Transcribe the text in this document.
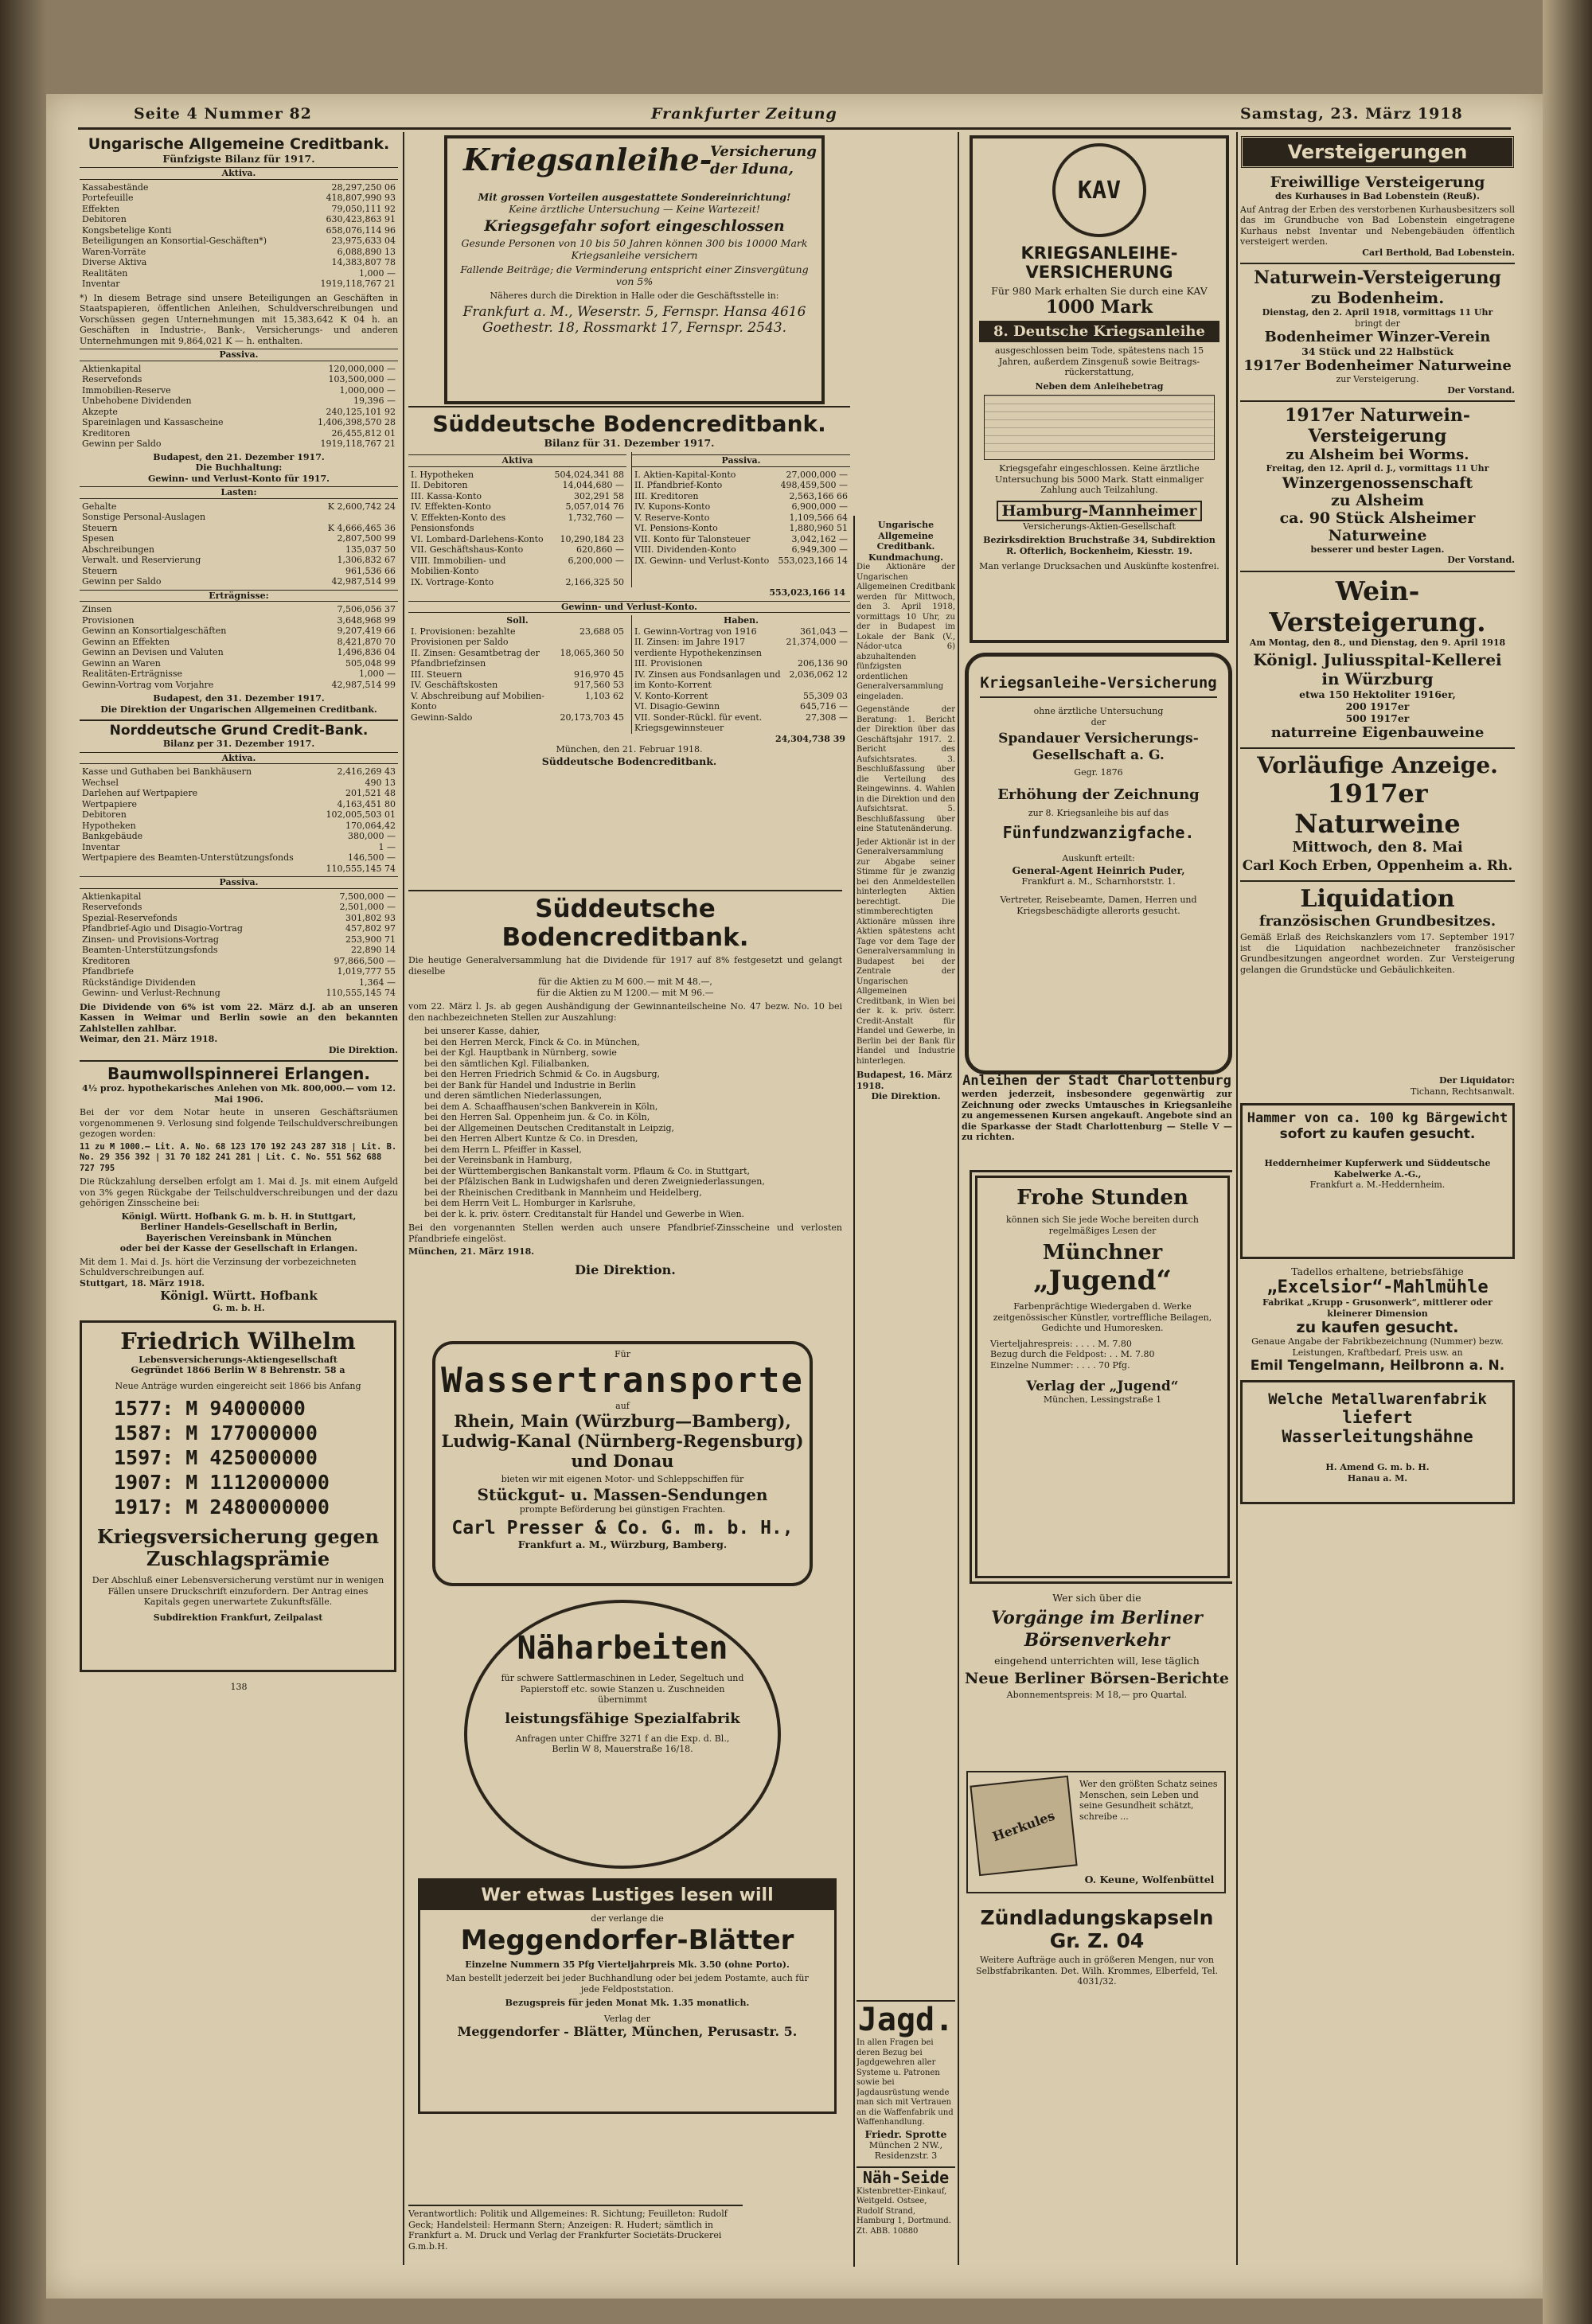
Seite 4 Nummer 82	Frankfurter Zeitung	Samstag, 23. März 1918
Ungarische Allgemeine Creditbank.
Fünfzigste Bilanz für 1917.
Aktiva.
Kassabestände	28,297,250 06
Portefeuille	418,807,990 93
Effekten	79,050,111 92
Debitoren	630,423,863 91
Kongsbetelige Konti	658,076,114 96
Beteiligungen an Konsortial-Geschäften*)	23,975,633 04
Waren-Vorräte	6,088,890 13
Diverse Aktiva	14,383,807 78
Realitäten	1,000 —
Inventar	1919,118,767 21
*) In diesem Betrage sind unsere Beteiligungen an Geschäften in Staatspapieren, öffentlichen Anleihen, Schuldverschreibungen und Vorschüssen gegen Unternehmungen mit 15,383,642 K 04 h. an Geschäften in Industrie-, Bank-, Versicherungs- und anderen Unternehmungen mit 9,864,021 K — h. enthalten.
Passiva.
Aktienkapital	120,000,000 —
Reservefonds	103,500,000 —
Immobilien-Reserve	1,000,000 —
Unbehobene Dividenden	19,396 —
Akzepte	240,125,101 92
Spareinlagen und Kassascheine	1,406,398,570 28
Kreditoren	26,455,812 01
Gewinn per Saldo	1919,118,767 21
Budapest, den 21. Dezember 1917.
Die Buchhaltung:
Gewinn- und Verlust-Konto für 1917.
Lasten:
Gehalte	K 2,600,742 24
Sonstige Personal-Auslagen	
Steuern	K 4,666,465 36
Spesen	2,807,500 99
Abschreibungen	135,037 50
Verwalt. und Reservierung	1,306,832 67
Steuern	961,536 66
Gewinn per Saldo	42,987,514 99
Erträgnisse:
Zinsen	7,506,056 37
Provisionen	3,648,968 99
Gewinn an Konsortialgeschäften	9,207,419 66
Gewinn an Effekten	8,421,870 70
Gewinn an Devisen und Valuten	1,496,836 04
Gewinn an Waren	505,048 99
Realitäten-Erträgnisse	1,000 —
Gewinn-Vortrag vom Vorjahre	42,987,514 99
Budapest, den 31. Dezember 1917.
Die Direktion der Ungarischen Allgemeinen Creditbank.
Norddeutsche Grund Credit-Bank.
Bilanz per 31. Dezember 1917.
Aktiva.
Kasse und Guthaben bei Bankhäusern	2,416,269 43
Wechsel	490 13
Darlehen auf Wertpapiere	201,521 48
Wertpapiere	4,163,451 80
Debitoren	102,005,503 01
Hypotheken	170,064,42
Bankgebäude	380,000 —
Inventar	1 —
Wertpapiere des Beamten-Unterstützungsfonds	146,500 —
	110,555,145 74
Passiva.
Aktienkapital	7,500,000 —
Reservefonds	2,501,000 —
Spezial-Reservefonds	301,802 93
Pfandbrief-Agio und Disagio-Vortrag	457,802 97
Zinsen- und Provisions-Vortrag	253,900 71
Beamten-Unterstützungsfonds	22,890 14
Kreditoren	97,866,500 —
Pfandbriefe	1,019,777 55
Rückständige Dividenden	1,364 —
Gewinn- und Verlust-Rechnung	110,555,145 74
Die Dividende von 6% ist vom 22. März d.J. ab an unseren Kassen in Weimar und Berlin sowie an den bekannten Zahlstellen zahlbar.
Weimar, den 21. März 1918.
Die Direktion.
Baumwollspinnerei Erlangen.
4½ proz. hypothekarisches Anlehen von Mk. 800,000.— vom 12. Mai 1906.
Bei der vor dem Notar heute in unseren Geschäftsräumen vorgenommenen 9. Verlosung sind folgende Teilschuldverschreibungen gezogen worden:
11 zu M 1000.— Lit. A. No. 68 123 170 192 243 287 318 | Lit. B. No. 29 356 392 | 31 70 182 241 281 | Lit. C. No. 551 562 688 727 795
Die Rückzahlung derselben erfolgt am 1. Mai d. Js. mit einem Aufgeld von 3% gegen Rückgabe der Teilschuldverschreibungen und der dazu gehörigen Zinsscheine bei:
Königl. Württ. Hofbank G. m. b. H. in Stuttgart,
Berliner Handels-Gesellschaft in Berlin,
Bayerischen Vereinsbank in München
oder bei der Kasse der Gesellschaft in Erlangen.
Mit dem 1. Mai d. Js. hört die Verzinsung der vorbezeichneten Schuldverschreibungen auf.
Stuttgart, 18. März 1918.
Königl. Württ. Hofbank
G. m. b. H.
Friedrich Wilhelm
Lebensversicherungs-Aktiengesellschaft
Gegründet 1866 Berlin W 8 Behrenstr. 58 a
Neue Anträge wurden eingereicht seit 1866 bis Anfang
1577: M 94000000
1587: M 177000000
1597: M 425000000
1907: M 1112000000
1917: M 2480000000
Kriegsversicherung gegen Zuschlagsprämie
Der Abschluß einer Lebensversicherung verstümt nur in wenigen Fällen unsere Druckschrift einzufordern. Der Antrag eines Kapitals gegen unerwartete Zukunftsfälle.
Subdirektion Frankfurt, Zeilpalast
138
Kriegsanleihe-
Versicherung der Iduna,
Mit grossen Vorteilen ausgestattete Sondereinrichtung!
Keine ärztliche Untersuchung — Keine Wartezeit!
Kriegsgefahr sofort eingeschlossen
Gesunde Personen von 10 bis 50 Jahren können 300 bis 10000 Mark Kriegsanleihe versichern
Fallende Beiträge; die Verminderung entspricht einer Zinsvergütung von 5%
Näheres durch die Direktion in Halle oder die Geschäftsstelle in:
Frankfurt a. M., Weserstr. 5, Fernspr. Hansa 4616
Goethestr. 18, Rossmarkt 17, Fernspr. 2543.
Süddeutsche Bodencreditbank.
Bilanz für 31. Dezember 1917.
Aktiva
I. Hypotheken	504,024,341 88
II. Debitoren	14,044,680 —
III. Kassa-Konto	302,291 58
IV. Effekten-Konto	5,057,014 76
V. Effekten-Konto des Pensionsfonds	1,732,760 —
VI. Lombard-Darlehens-Konto	10,290,184 23
VII. Geschäftshaus-Konto	620,860 —
VIII. Immobilien- und Mobilien-Konto	6,200,000 —
IX. Vortrage-Konto	2,166,325 50
Passiva.
I. Aktien-Kapital-Konto	27,000,000 —
II. Pfandbrief-Konto	498,459,500 —
III. Kreditoren	2,563,166 66
IV. Kupons-Konto	6,900,000 —
V. Reserve-Konto	1,109,566 64
VI. Pensions-Konto	1,880,960 51
VII. Konto für Talonsteuer	3,042,162 —
VIII. Dividenden-Konto	6,949,300 —
IX. Gewinn- und Verlust-Konto	553,023,166 14
553,023,166 14
Gewinn- und Verlust-Konto.
Soll.
I. Provisionen: bezahlte Provisionen per Saldo	23,688 05
II. Zinsen: Gesamtbetrag der Pfandbriefzinsen	18,065,360 50
III. Steuern	916,970 45
IV. Geschäftskosten	917,560 53
V. Abschreibung auf Mobilien-Konto	1,103 62
Gewinn-Saldo	20,173,703 45
Haben.
I. Gewinn-Vortrag von 1916	361,043 —
II. Zinsen: im Jahre 1917 verdiente Hypothekenzinsen	21,374,000 —
III. Provisionen	206,136 90
IV. Zinsen aus Fondsanlagen und im Konto-Korrent	2,036,062 12
V. Konto-Korrent	55,309 03
VI. Disagio-Gewinn	645,716 —
VII. Sonder-Rückl. für event. Kriegsgewinnsteuer	27,308 —
24,304,738 39
München, den 21. Februar 1918.
Süddeutsche Bodencreditbank.
Süddeutsche Bodencreditbank.
Die heutige Generalversammlung hat die Dividende für 1917 auf 8% festgesetzt und gelangt dieselbe
für die Aktien zu M 600.— mit M 48.—,
für die Aktien zu M 1200.— mit M 96.—
vom 22. März l. Js. ab gegen Aushändigung der Gewinnanteilscheine No. 47 bezw. No. 10 bei den nachbezeichneten Stellen zur Auszahlung:
bei unserer Kasse, dahier,
bei den Herren Merck, Finck & Co. in München,
bei der Kgl. Hauptbank in Nürnberg, sowie
bei den sämtlichen Kgl. Filialbanken,
bei den Herren Friedrich Schmid & Co. in Augsburg,
bei der Bank für Handel und Industrie in Berlin
und deren sämtlichen Niederlassungen,
bei dem A. Schaaffhausen'schen Bankverein in Köln,
bei den Herren Sal. Oppenheim jun. & Co. in Köln,
bei der Allgemeinen Deutschen Creditanstalt in Leipzig,
bei den Herren Albert Kuntze & Co. in Dresden,
bei dem Herrn L. Pfeiffer in Kassel,
bei der Vereinsbank in Hamburg,
bei der Württembergischen Bankanstalt vorm. Pflaum & Co. in Stuttgart,
bei der Pfälzischen Bank in Ludwigshafen und deren Zweigniederlassungen,
bei der Rheinischen Creditbank in Mannheim und Heidelberg,
bei dem Herrn Veit L. Homburger in Karlsruhe,
bei der k. k. priv. österr. Creditanstalt für Handel und Gewerbe in Wien.
Bei den vorgenannten Stellen werden auch unsere Pfandbrief-Zinsscheine und verlosten Pfandbriefe eingelöst.
München, 21. März 1918.
Die Direktion.
Für
Wassertransporte
auf
Rhein, Main (Würzburg—Bamberg),
Ludwig-Kanal (Nürnberg-Regensburg)
und Donau
bieten wir mit eigenen Motor- und Schleppschiffen für
Stückgut- u. Massen-Sendungen
prompte Beförderung bei günstigen Frachten.
Carl Presser & Co. G. m. b. H.,
Frankfurt a. M., Würzburg, Bamberg.
Näharbeiten
für schwere Sattlermaschinen in Leder, Segeltuch und Papierstoff etc. sowie Stanzen u. Zuschneiden übernimmt
leistungsfähige Spezialfabrik
Anfragen unter Chiffre 3271 f an die Exp. d. Bl., Berlin W 8, Mauerstraße 16/18.
Wer etwas Lustiges lesen will
der verlange die
Meggendorfer-Blätter
Einzelne Nummern 35 Pfg Vierteljahrpreis Mk. 3.50 (ohne Porto).
Man bestellt jederzeit bei jeder Buchhandlung oder bei jedem Postamte, auch für jede Feldpoststation.
Bezugspreis für jeden Monat Mk. 1.35 monatlich.
Verlag der
Meggendorfer - Blätter, München, Perusastr. 5.
Verantwortlich: Politik und Allgemeines: R. Sichtung; Feuilleton: Rudolf Geck; Handelsteil: Hermann Stern; Anzeigen: R. Hudert; sämtlich in Frankfurt a. M. Druck und Verlag der Frankfurter Societäts-Druckerei G.m.b.H.
Ungarische Allgemeine Creditbank.
Kundmachung.
Die Aktionäre der Ungarischen Allgemeinen Creditbank werden für Mittwoch, den 3. April 1918, vormittags 10 Uhr, zu der in Budapest im Lokale der Bank (V., Nádor-utca 6) abzuhaltenden fünfzigsten ordentlichen Generalversammlung eingeladen.
Gegenstände der Beratung: 1. Bericht der Direktion über das Geschäftsjahr 1917. 2. Bericht des Aufsichtsrates. 3. Beschlußfassung über die Verteilung des Reingewinns. 4. Wahlen in die Direktion und den Aufsichtsrat. 5. Beschlußfassung über eine Statutenänderung.
Jeder Aktionär ist in der Generalversammlung zur Abgabe seiner Stimme für je zwanzig bei den Anmeldestellen hinterlegten Aktien berechtigt. Die stimmberechtigten Aktionäre müssen ihre Aktien spätestens acht Tage vor dem Tage der Generalversammlung in Budapest bei der Zentrale der Ungarischen Allgemeinen Creditbank, in Wien bei der k. k. priv. österr. Credit-Anstalt für Handel und Gewerbe, in Berlin bei der Bank für Handel und Industrie hinterlegen.
Budapest, 16. März 1918.
Die Direktion.
Jagd.
In allen Fragen bei deren Bezug bei Jagdgewehren aller Systeme u. Patronen sowie bei Jagdausrüstung wende man sich mit Vertrauen an die Waffenfabrik und Waffenhandlung.
Friedr. Sprotte
München 2 NW., Residenzstr. 3
Näh-Seide
Kistenbretter-Einkauf, Weitgeld. Ostsee, Rudolf Strand, Hamburg 1, Dortmund. Zt. ABB. 10880
KAV
KRIEGSANLEIHE-VERSICHERUNG
Für 980 Mark erhalten Sie durch eine KAV
1000 Mark
8. Deutsche Kriegsanleihe
ausgeschlossen beim Tode, spätestens nach 15 Jahren, außerdem Zinsgenuß sowie Beitrags-rückerstattung,
Neben dem Anleihebetrag
Kriegsgefahr eingeschlossen. Keine ärztliche Untersuchung bis 5000 Mark. Statt einmaliger Zahlung auch Teilzahlung.
Hamburg-Mannheimer
Versicherungs-Aktien-Gesellschaft
Bezirksdirektion Bruchstraße 34, Subdirektion R. Ofterlich, Bockenheim, Kiesstr. 19.
Man verlange Drucksachen und Auskünfte kostenfrei.
Kriegsanleihe-Versicherung
ohne ärztliche Untersuchung
der
Spandauer Versicherungs-Gesellschaft a. G.
Gegr. 1876
Erhöhung der Zeichnung
zur 8. Kriegsanleihe bis auf das
Fünfundzwanzigfache.
Auskunft erteilt:
General-Agent Heinrich Puder,
Frankfurt a. M., Scharnhorststr. 1.
Vertreter, Reisebeamte, Damen, Herren und Kriegsbeschädigte allerorts gesucht.
Anleihen der Stadt Charlottenburg
werden jederzeit, insbesondere gegenwärtig zur Zeichnung oder zwecks Umtausches in Kriegsanleihe zu angemessenen Kursen angekauft. Angebote sind an die Sparkasse der Stadt Charlottenburg — Stelle V — zu richten.
Frohe Stunden
können sich Sie jede Woche bereiten durch regelmäßiges Lesen der
Münchner
„Jugend“
Farbenprächtige Wiedergaben d. Werke zeitgenössischer Künstler, vortreffliche Beilagen, Gedichte und Humoresken.
Vierteljahrespreis: . . . . M. 7.80
Bezug durch die Feldpost: . . M. 7.80
Einzelne Nummer: . . . . 70 Pfg.
Verlag der „Jugend“
München, Lessingstraße 1
Wer sich über die
Vorgänge im Berliner Börsenverkehr
eingehend unterrichten will, lese täglich
Neue Berliner Börsen-Berichte
Abonnementspreis: M 18,— pro Quartal.
Herkules
Wer den größten Schatz seines Menschen, sein Leben und seine Gesundheit schätzt, schreibe ...
O. Keune, Wolfenbüttel
Zündladungskapseln
Gr. Z. 04
Weitere Aufträge auch in größeren Mengen, nur von Selbstfabrikanten. Det. Wilh. Krommes, Elberfeld, Tel. 4031/32.
Versteigerungen
Freiwillige Versteigerung
des Kurhauses in Bad Lobenstein (Reuß).
Auf Antrag der Erben des verstorbenen Kurhausbesitzers soll das im Grundbuche von Bad Lobenstein eingetragene Kurhaus nebst Inventar und Nebengebäuden öffentlich versteigert werden.
Carl Berthold, Bad Lobenstein.
Naturwein-Versteigerung
zu Bodenheim.
Dienstag, den 2. April 1918, vormittags 11 Uhr
bringt der
Bodenheimer Winzer-Verein
34 Stück und 22 Halbstück
1917er Bodenheimer Naturweine
zur Versteigerung.
Der Vorstand.
1917er Naturwein-Versteigerung
zu Alsheim bei Worms.
Freitag, den 12. April d. J., vormittags 11 Uhr
Winzergenossenschaft
zu Alsheim
ca. 90 Stück Alsheimer Naturweine
besserer und bester Lagen.
Der Vorstand.
Wein-Versteigerung.
Am Montag, den 8., und Dienstag, den 9. April 1918
Königl. Juliusspital-Kellerei
in Würzburg
etwa 150 Hektoliter 1916er,
200 1917er
500 1917er
naturreine Eigenbauweine
Vorläufige Anzeige.
1917er Naturweine
Mittwoch, den 8. Mai
Carl Koch Erben, Oppenheim a. Rh.
Liquidation
französischen Grundbesitzes.
Gemäß Erlaß des Reichskanzlers vom 17. September 1917 ist die Liquidation nachbezeichneter französischer Grundbesitzungen angeordnet worden. Zur Versteigerung gelangen die Grundstücke und Gebäulichkeiten.
Der Liquidator:
Tichann, Rechtsanwalt.
Hammer von ca. 100 kg Bärgewicht
sofort zu kaufen gesucht.
Heddernheimer Kupferwerk und Süddeutsche Kabelwerke A.-G.,
Frankfurt a. M.-Heddernheim.
Tadellos erhaltene, betriebsfähige
„Excelsior“-Mahlmühle
Fabrikat „Krupp - Grusonwerk“, mittlerer oder kleinerer Dimension
zu kaufen gesucht.
Genaue Angabe der Fabrikbezeichnung (Nummer) bezw. Leistungen, Kraftbedarf, Preis usw. an
Emil Tengelmann, Heilbronn a. N.
Welche Metallwarenfabrik
liefert Wasserleitungshähne
H. Amend G. m. b. H.
Hanau a. M.
